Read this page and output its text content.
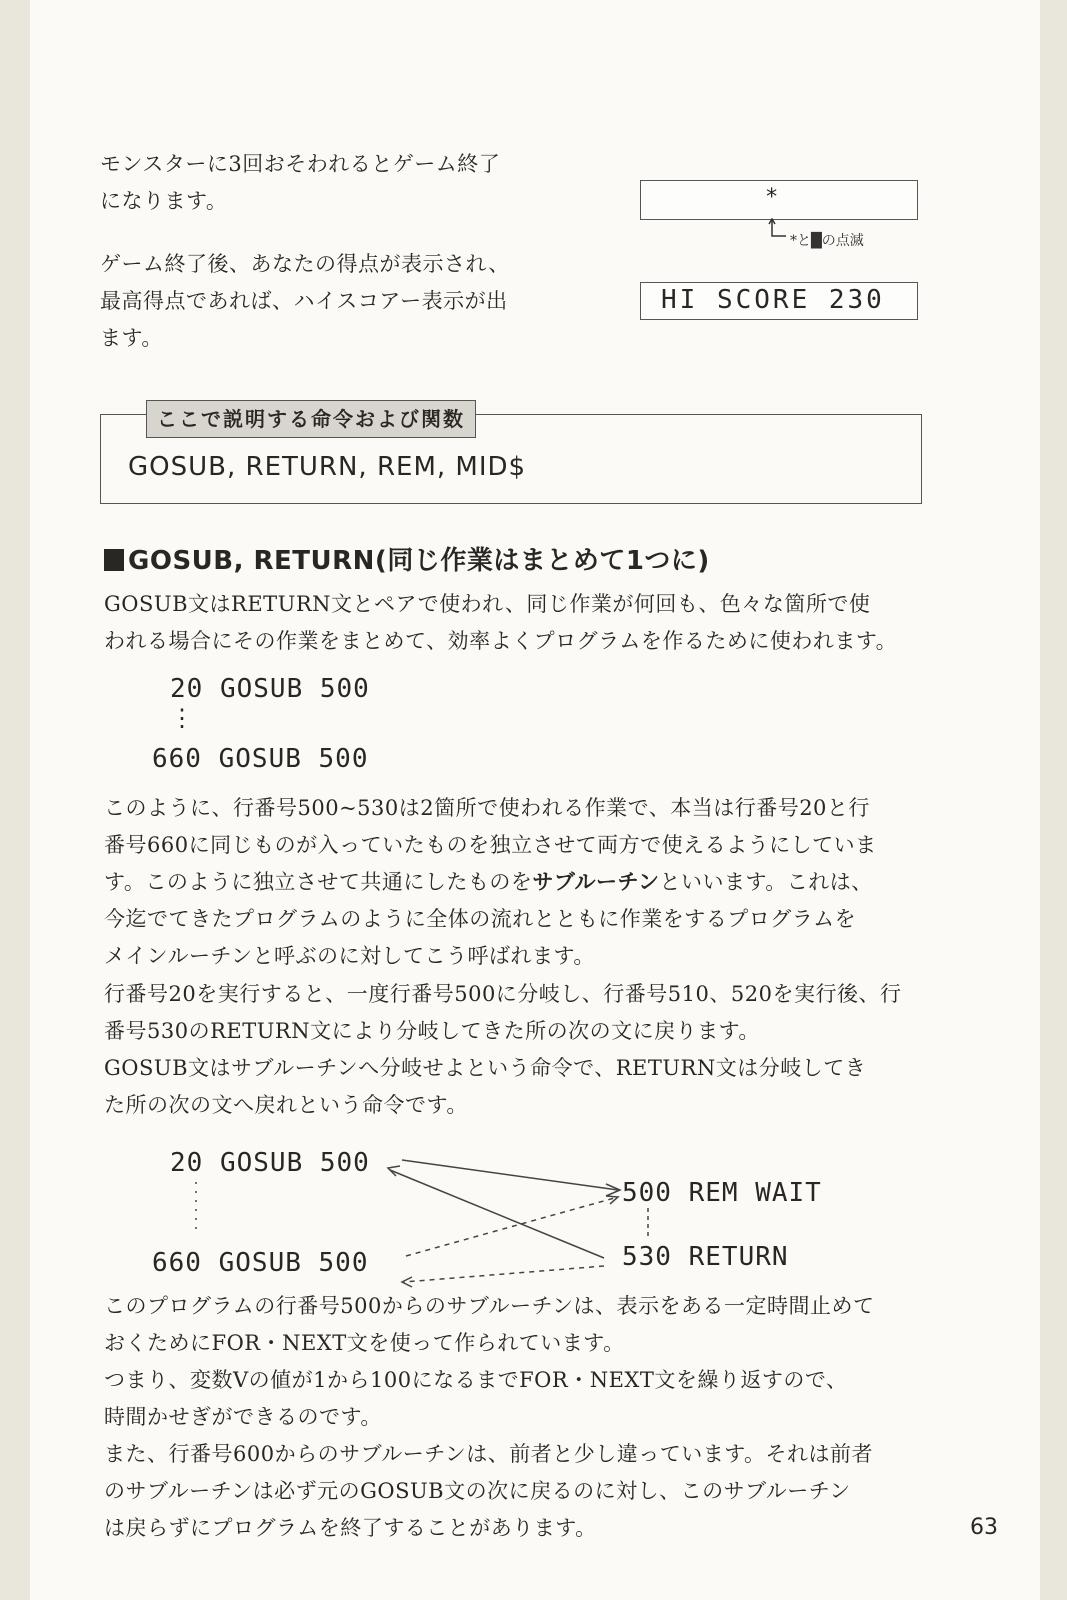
モンスターに3回おそわれるとゲーム終了

になります。

ゲーム終了後、あなたの得点が表示され、

最高得点であれば、ハイスコアー表示が出

ます。

*
*と█の点滅
HI SCORE 230
ここで説明する命令および関数
GOSUB, RETURN, REM, MID$
GOSUB, RETURN(同じ作業はまとめて1つに)
GOSUB文はRETURN文とペアで使われ、同じ作業が何回も、色々な箇所で使
われる場合にその作業をまとめて、効率よくプログラムを作るために使われます。
20 GOSUB 500
⋮
660 GOSUB 500
このように、行番号500~530は2箇所で使われる作業で、本当は行番号20と行
番号660に同じものが入っていたものを独立させて両方で使えるようにしていま
す。このように独立させて共通にしたものをサブルーチンといいます。これは、
今迄でてきたプログラムのように全体の流れとともに作業をするプログラムを
メインルーチンと呼ぶのに対してこう呼ばれます。
行番号20を実行すると、一度行番号500に分岐し、行番号510、520を実行後、行
番号530のRETURN文により分岐してきた所の次の文に戻ります。
GOSUB文はサブルーチンへ分岐せよという命令で、RETURN文は分岐してき
た所の次の文へ戻れという命令です。
20 GOSUB 500
660 GOSUB 500
500 REM WAIT
530 RETURN
このプログラムの行番号500からのサブルーチンは、表示をある一定時間止めて
おくためにFOR・NEXT文を使って作られています。
つまり、変数Vの値が1から100になるまでFOR・NEXT文を繰り返すので、
時間かせぎができるのです。
また、行番号600からのサブルーチンは、前者と少し違っています。それは前者
のサブルーチンは必ず元のGOSUB文の次に戻るのに対し、このサブルーチン
は戻らずにプログラムを終了することがあります。	63
